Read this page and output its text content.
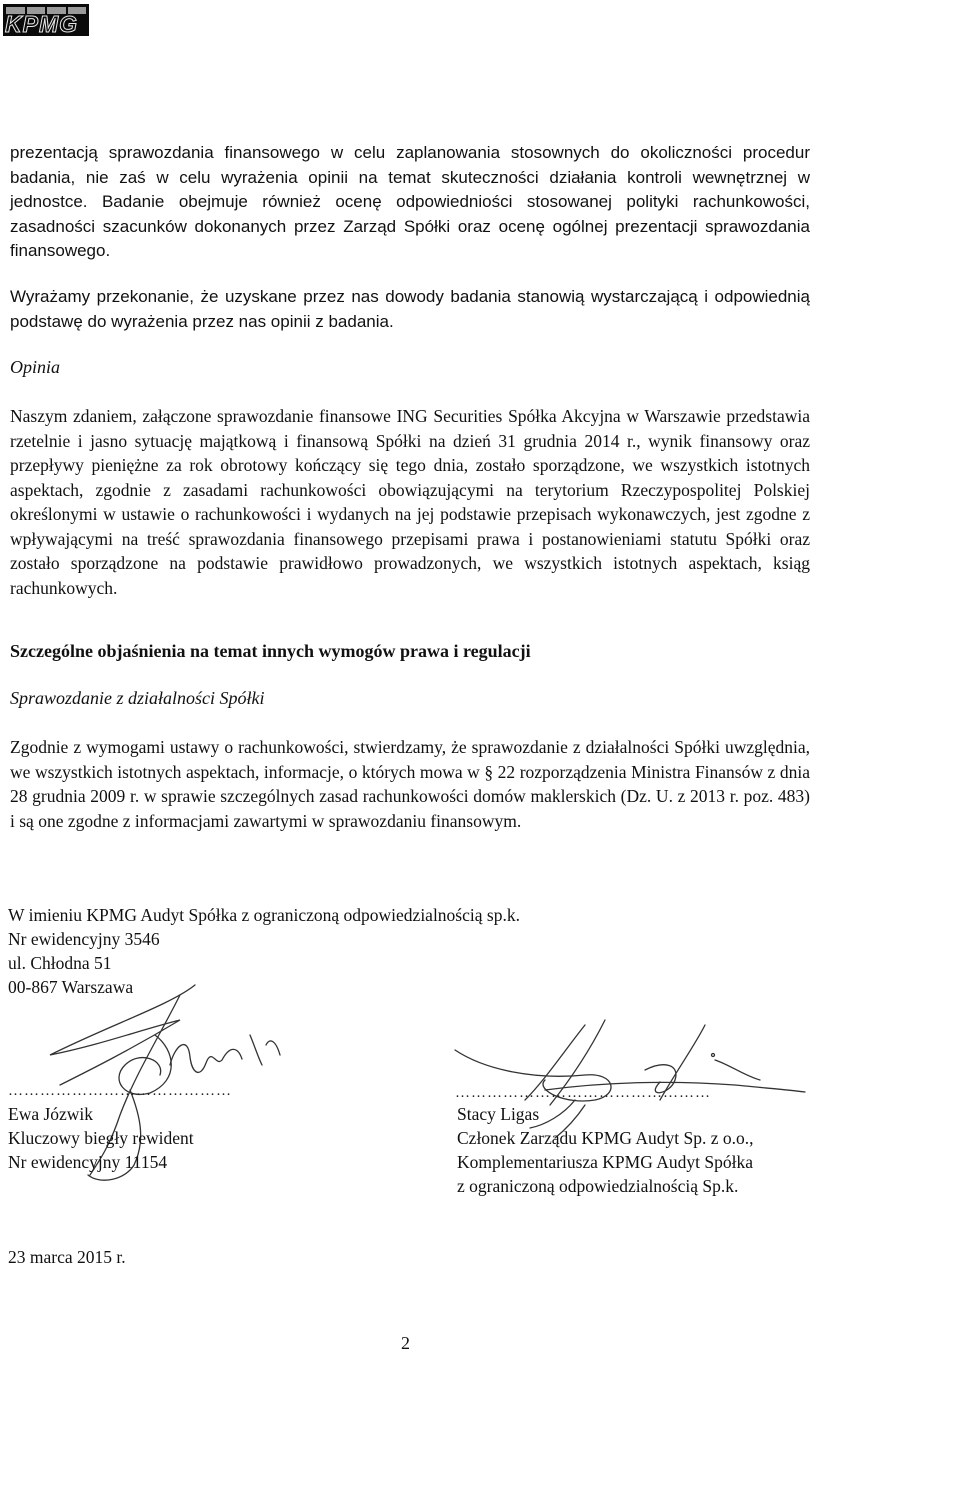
KPMG
prezentacją sprawozdania finansowego w celu zaplanowania stosownych do okoliczności procedur badania, nie zaś w celu wyrażenia opinii na temat skuteczności działania kontroli wewnętrznej w jednostce. Badanie obejmuje również ocenę odpowiedniości stosowanej polityki rachunkowości, zasadności szacunków dokonanych przez Zarząd Spółki oraz ocenę ogólnej prezentacji sprawozdania finansowego.
Wyrażamy przekonanie, że uzyskane przez nas dowody badania stanowią wystarczającą i odpowiednią podstawę do wyrażenia przez nas opinii z badania.
Opinia
Naszym zdaniem, załączone sprawozdanie finansowe ING Securities Spółka Akcyjna w Warszawie przedstawia rzetelnie i jasno sytuację majątkową i finansową Spółki na dzień 31 grudnia 2014 r., wynik finansowy oraz przepływy pieniężne za rok obrotowy kończący się tego dnia, zostało sporządzone, we wszystkich istotnych aspektach, zgodnie z zasadami rachunkowości obowiązującymi na terytorium Rzeczypospolitej Polskiej określonymi w ustawie o rachunkowości i wydanych na jej podstawie przepisach wykonawczych, jest zgodne z wpływającymi na treść sprawozdania finansowego przepisami prawa i postanowieniami statutu Spółki oraz zostało sporządzone na podstawie prawidłowo prowadzonych, we wszystkich istotnych aspektach, ksiąg rachunkowych.
Szczególne objaśnienia na temat innych wymogów prawa i regulacji
Sprawozdanie z działalności Spółki
Zgodnie z wymogami ustawy o rachunkowości, stwierdzamy, że sprawozdanie z działalności Spółki uwzględnia, we wszystkich istotnych aspektach, informacje, o których mowa w § 22 rozporządzenia Ministra Finansów z dnia 28 grudnia 2009 r. w sprawie szczególnych zasad rachunkowości domów maklerskich (Dz. U. z 2013 r. poz. 483) i są one zgodne z informacjami zawartymi w sprawozdaniu finansowym.
W imieniu KPMG Audyt Spółka z ograniczoną odpowiedzialnością sp.k.
Nr ewidencyjny 3546
ul. Chłodna 51
00-867 Warszawa
……………………………………
Ewa Józwik
Kluczowy biegły rewident
Nr ewidencyjny 11154
…………………………………………
Stacy Ligas
Członek Zarządu KPMG Audyt Sp. z o.o.,
Komplementariusza KPMG Audyt Spółka
z ograniczoną odpowiedzialnością Sp.k.
23 marca 2015 r.
2
